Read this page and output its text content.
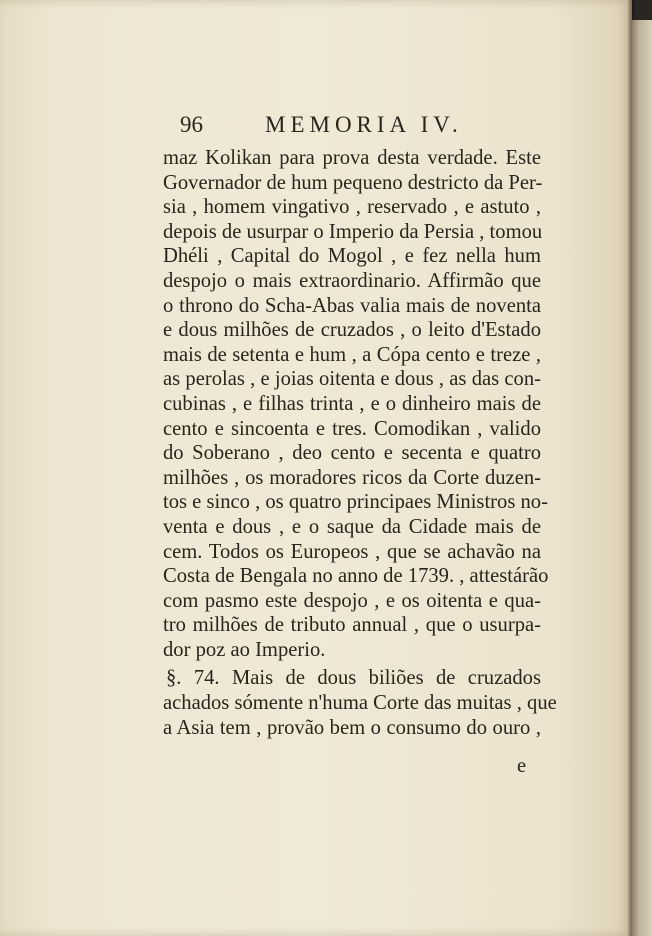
96	MEMORIA IV.
maz Kolikan para prova desta verdade. Este
Governador de hum pequeno destricto da Per-
sia , homem vingativo , reservado , e astuto ,
depois de usurpar o Imperio da Persia , tomou
Dhéli , Capital do Mogol , e fez nella hum
despojo o mais extraordinario. Affirmão que
o throno do Scha-Abas valia mais de noventa
e dous milhões de cruzados , o leito d'Estado
mais de setenta e hum , a Cópa cento e treze ,
as perolas , e joias oitenta e dous , as das con-
cubinas , e filhas trinta , e o dinheiro mais de
cento e sincoenta e tres. Comodikan , valido
do Soberano , deo cento e secenta e quatro
milhões , os moradores ricos da Corte duzen-
tos e sinco , os quatro principaes Ministros no-
venta e dous , e o saque da Cidade mais de
cem. Todos os Europeos , que se achavão na
Costa de Bengala no anno de 1739. , attestárão
com pasmo este despojo , e os oitenta e qua-
tro milhões de tributo annual , que o usurpa-
dor poz ao Imperio.
§. 74. Mais de dous biliões de cruzados
achados sómente n'huma Corte das muitas , que
a Asia tem , provão bem o consumo do ouro ,
e
